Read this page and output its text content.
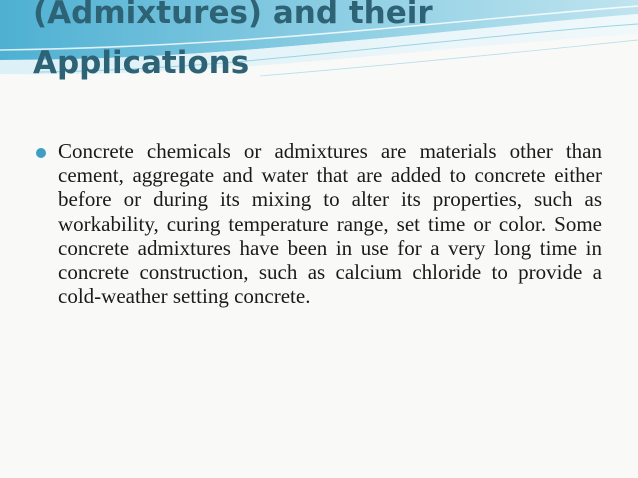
(Admixtures) and their
Applications
Concrete chemicals or admixtures are materials other than cement, aggregate and water that are added to concrete either before or during its mixing to alter its properties, such as workability, curing temperature range, set time or color. Some concrete admixtures have been in use for a very long time in concrete construction, such as calcium chloride to provide a cold-weather setting concrete.
